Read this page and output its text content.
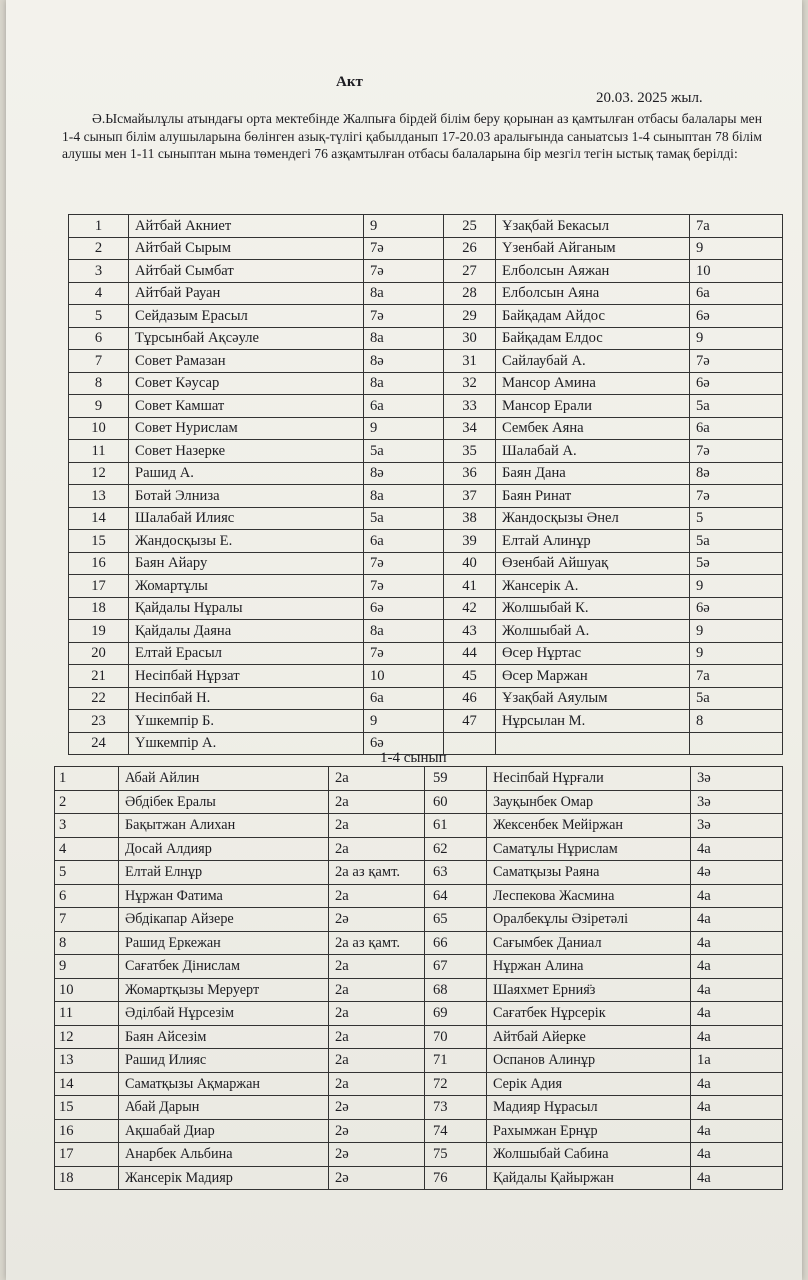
Акт
20.03. 2025 жыл.
Ә.Ысмайылұлы атындағы орта мектебінде Жалпыға бірдей білім беру қорынан аз қамтылған отбасы балалары мен 1-4 сынып білім алушыларына бөлінген азық-түлігі қабылданып 17-20.03 аралығында саныатсыз 1-4 сыныптан 78 білім алушы мен 1-11 сыныптан мына төмендегі 76 азқамтылған отбасы балаларына бір мезгіл тегін ыстық тамақ берілді:
1	Айтбай Акниет	9	25	Ұзақбай Бекасыл	7а
2	Айтбай Сырым	7ә	26	Үзенбай Айганым	9
3	Айтбай Сымбат	7ә	27	Елболсын Аяжан	10
4	Айтбай Рауан	8а	28	Елболсын Аяна	6а
5	Сейдазым Ерасыл	7ә	29	Байқадам Айдос	6ә
6	Тұрсынбай Ақсәуле	8а	30	Байқадам Елдос	9
7	Совет Рамазан	8ә	31	Сайлаубай А.	7ә
8	Совет Кәусар	8а	32	Мансор Амина	6ә
9	Совет Камшат	6а	33	Мансор Ерали	5а
10	Совет Нурислам	9	34	Сембек Аяна	6а
11	Совет Назерке	5а	35	Шалабай А.	7ә
12	Рашид А.	8ә	36	Баян Дана	8ә
13	Ботай Элниза	8а	37	Баян Ринат	7ә
14	Шалабай Илияс	5а	38	Жандосқызы Әнел	5
15	Жандосқызы Е.	6а	39	Елтай Алинұр	5а
16	Баян Айару	7ә	40	Өзенбай Айшуақ	5ә
17	Жомартұлы	7ә	41	Жансерік А.	9
18	Қайдалы Нұралы	6ә	42	Жолшыбай К.	6ә
19	Қайдалы Даяна	8а	43	Жолшыбай А.	9
20	Елтай Ерасыл	7ә	44	Өсер Нұртас	9
21	Несіпбай Нұрзат	10	45	Өсер Маржан	7а
22	Несіпбай Н.	6а	46	Ұзақбай Аяулым	5а
23	Үшкемпір Б.	9	47	Нұрсылан М.	8
24	Үшкемпір А.	6ә			
1-4 сынып
1	Абай Айлин	2а	59	Несіпбай Нұрғали	3ә
2	Әбдібек Ералы	2а	60	Зауқынбек Омар	3ә
3	Бақытжан Алихан	2а	61	Жексенбек Мейіржан	3ә
4	Досай Алдияр	2а	62	Саматұлы Нұрислам	4а
5	Елтай Елнұр	2а аз қамт.	63	Саматқызы Раяна	4ә
6	Нұржан Фатима	2а	64	Леспекова Жасмина	4а
7	Әбдікапар Айзере	2ә	65	Оралбекұлы Әзіретәлі	4а
8	Рашид Еркежан	2а аз қамт.	66	Сағымбек Даниал	4а
9	Сағатбек Діниcлам	2а	67	Нұржан Алина	4а
10	Жомартқызы Меруерт	2а	68	Шаяхмет Ерния̈з	4а
11	Әділбай Нұрсезім	2а	69	Сағатбек Нұрсерік	4а
12	Баян Айсезім	2а	70	Айтбай Айерке	4а
13	Рашид Илияс	2а	71	Оспанов Алинұр	1а
14	Саматқызы Ақмаржан	2а	72	Серік Адия	4а
15	Абай Дарын	2ә	73	Мадияр Нұрасыл	4а
16	Ақшабай Диар	2ә	74	Рахымжан Ернұр	4а
17	Анарбек Альбина	2ә	75	Жолшыбай Сабина	4а
18	Жансерік Мадияр	2ә	76	Қайдалы Қайыржан	4а
